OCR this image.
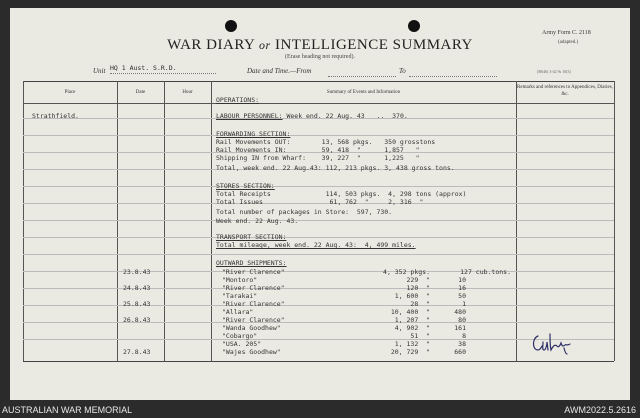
WAR DIARY or INTELLIGENCE SUMMARY
(Erase heading not required).
Army Form C. 2118
(adapted.)
(B646) 3-42 9s 10(3)
Unit HQ 1 Aust. S.R.D.	Date and Time.—From	To
Place	Date	Hour	Summary of Events and Information
Remarks and references to Appendices, Diaries, &c.
OPERATIONS:
Strathfield.	LABOUR PERSONNEL: Week end. 22 Aug. 43   ..  370.
FORWARDING SECTION:
Rail Movements OUT:        13, 568 pkgs.   350 grosstons
Rail Movements IN:         59, 418  "      1,857   "
Shipping IN from Wharf:    39, 227  "      1,225   "
Total, week end. 22 Aug.43: 112, 213 pkgs. 3, 438 gross tons.
STORES SECTION:
Total Receipts              114, 503 pkgs.  4, 298 tons (approx)
Total Issues                 61, 762  "     2, 316  "
Total number of packages in Store:  597, 730.
Week end. 22 Aug. 43.
TRANSPORT SECTION:
Total mileage, week end. 22 Aug. 43:  4, 499 miles.
OUTWARD SHIPMENTS:
23.8.43	"River Clarence"	4, 352 pkgs.	127 cub.tons.
"Montoro"	229  "	10
24.8.43	"River Clarence"	120  "	16
"Tarakai"	1, 600  "	50
25.8.43	"River Clarence"	28  "	1
"Allara"	10, 400  "	480
26.8.43	"River Clarence"	1, 207  "	80
"Wanda Goodhew"	4, 902  "	161
"Cobargo"	51  "	8
"USA. 205"	1, 132  "	38
27.8.43	"Wajes Goodhew"	20, 729  "	660
AUSTRALIAN WAR MEMORIAL	AWM2022.5.2616
